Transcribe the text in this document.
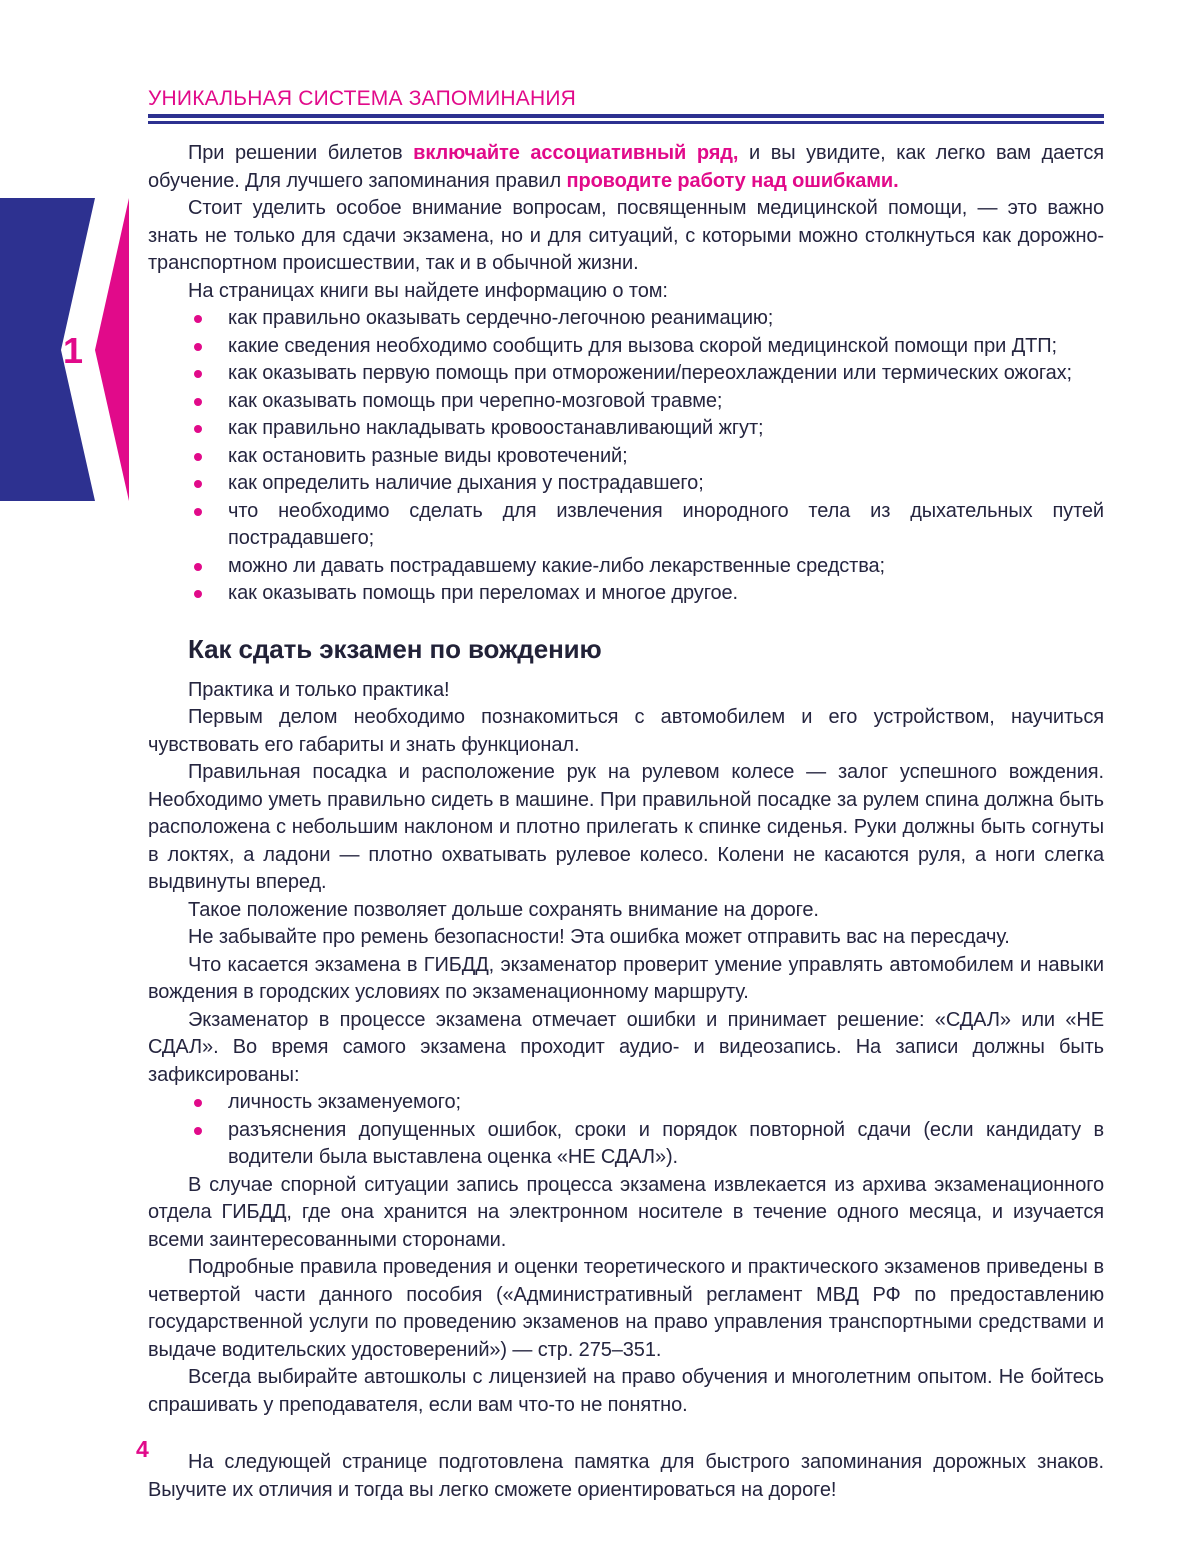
УНИКАЛЬНАЯ СИСТЕМА ЗАПОМИНАНИЯ
1

При решении билетов включайте ассоциативный ряд, и вы увидите, как легко вам дается обучение. Для лучшего запоминания правил проводите работу над ошибками.

Стоит уделить особое внимание вопросам, посвященным медицинской помощи, — это важно знать не только для сдачи экзамена, но и для ситуаций, с которыми можно столкнуться как дорожно-транспортном происшествии, так и в обычной жизни.

На страницах книги вы найдете информацию о том:

как правильно оказывать сердечно-легочною реанимацию;
какие сведения необходимо сообщить для вызова скорой медицинской помощи при ДТП;
как оказывать первую помощь при отморожении/переохлаждении или термических ожогах;
как оказывать помощь при черепно-мозговой травме;
как правильно накладывать кровоостанавливающий жгут;
как остановить разные виды кровотечений;
как определить наличие дыхания у пострадавшего;
что необходимо сделать для извлечения инородного тела из дыхательных путей пострадавшего;
можно ли давать пострадавшему какие-либо лекарственные средства;
как оказывать помощь при переломах и многое другое.
Как сдать экзамен по вождению

Практика и только практика!

Первым делом необходимо познакомиться с автомобилем и его устройством, научиться чувствовать его габариты и знать функционал.

Правильная посадка и расположение рук на рулевом колесе — залог успешного вождения. Необходимо уметь правильно сидеть в машине. При правильной посадке за рулем спина должна быть расположена с небольшим наклоном и плотно прилегать к спинке сиденья. Руки должны быть согнуты в локтях, а ладони — плотно охватывать рулевое колесо. Колени не касаются руля, а ноги слегка выдвинуты вперед.

Такое положение позволяет дольше сохранять внимание на дороге.

Не забывайте про ремень безопасности! Эта ошибка может отправить вас на пересдачу.

Что касается экзамена в ГИБДД, экзаменатор проверит умение управлять автомобилем и навыки вождения в городских условиях по экзаменационному маршруту.

Экзаменатор в процессе экзамена отмечает ошибки и принимает решение: «СДАЛ» или «НЕ СДАЛ». Во время самого экзамена проходит аудио- и видеозапись. На записи должны быть зафиксированы:

личность экзаменуемого;
разъяснения допущенных ошибок, сроки и порядок повторной сдачи (если кандидату в водители была выставлена оценка «НЕ СДАЛ»).

В случае спорной ситуации запись процесса экзамена извлекается из архива экзаменационного отдела ГИБДД, где она хранится на электронном носителе в течение одного месяца, и изучается всеми заинтересованными сторонами.

Подробные правила проведения и оценки теоретического и практического экзаменов приведены в четвертой части данного пособия («Административный регламент МВД РФ по предоставлению государственной услуги по проведению экзаменов на право управления транспортными средствами и выдаче водительских удостоверений») — стр. 275–351.

Всегда выбирайте автошколы с лицензией на право обучения и многолетним опытом. Не бойтесь спрашивать у преподавателя, если вам что-то не понятно.

На следующей странице подготовлена памятка для быстрого запоминания дорожных знаков. Выучите их отличия и тогда вы легко сможете ориентироваться на дороге!

4
